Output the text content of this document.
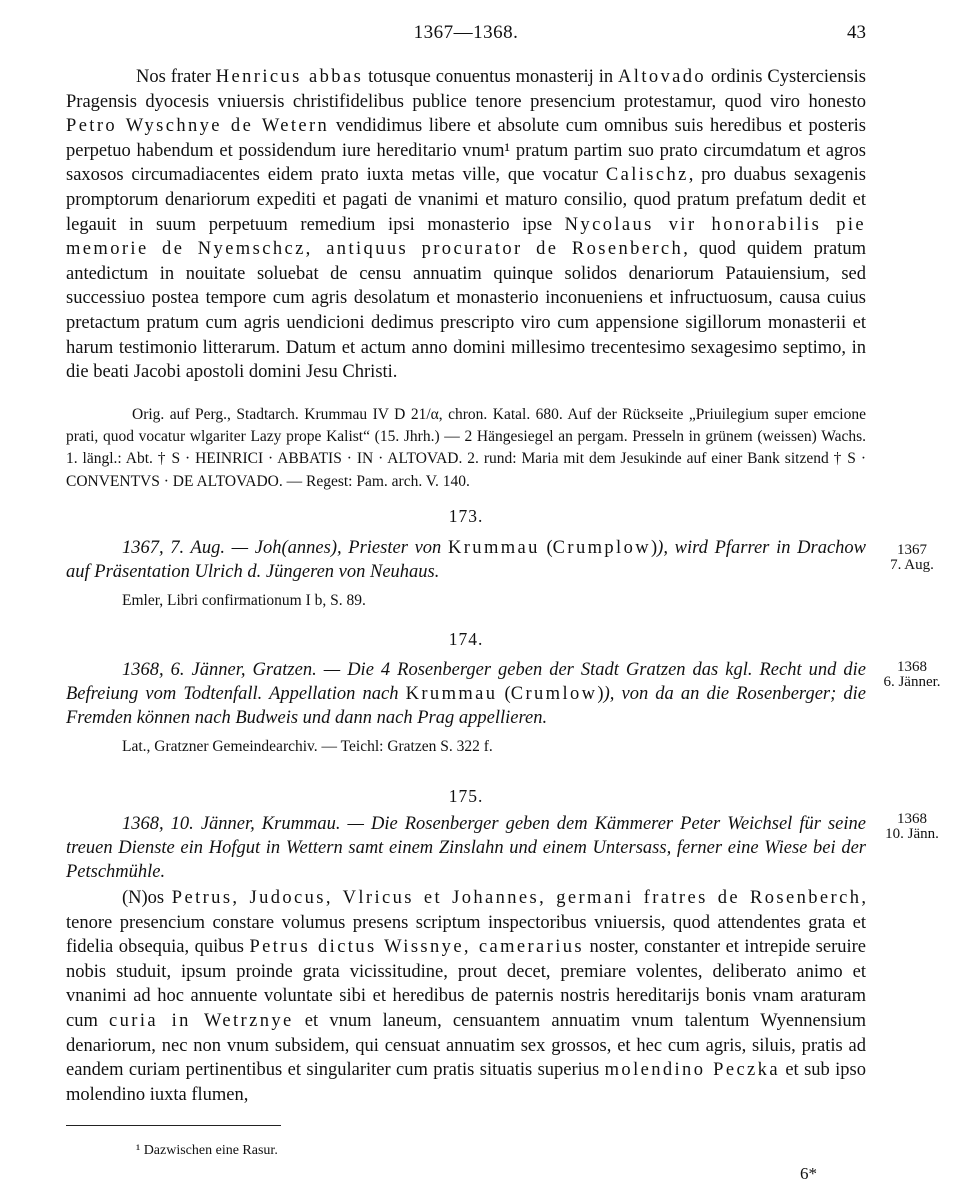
1367—1368.	43
Nos frater Henricus abbas totusque conuentus monasterij in Altovado ordinis Cysterciensis Pragensis dyocesis vniuersis christifidelibus publice tenore presencium protestamur, quod viro honesto Petro Wyschnye de Wetern vendidimus libere et absolute cum omnibus suis heredibus et posteris perpetuo habendum et possidendum iure hereditario vnum¹ pratum partim suo prato circumdatum et agros saxosos circumadiacentes eidem prato iuxta metas ville, que vocatur Calischz, pro duabus sexagenis promptorum denariorum expediti et pagati de vnanimi et maturo consilio, quod pratum prefatum dedit et legauit in suum perpetuum remedium ipsi monasterio ipse Nycolaus vir honorabilis pie memorie de Nyemschcz, antiquus procurator de Rosenberch, quod quidem pratum antedictum in nouitate soluebat de censu annuatim quinque solidos denariorum Patauiensium, sed successiuo postea tempore cum agris desolatum et monasterio inconueniens et infructuosum, causa cuius pretactum pratum cum agris uendicioni dedimus prescripto viro cum appensione sigillorum monasterii et harum testimonio litterarum. Datum et actum anno domini millesimo trecentesimo sexagesimo septimo, in die beati Jacobi apostoli domini Jesu Christi.
Orig. auf Perg., Stadtarch. Krummau IV D 21/α, chron. Katal. 680. Auf der Rückseite „Priuilegium super emcione prati, quod vocatur wlgariter Lazy prope Kalist“ (15. Jhrh.) — 2 Hängesiegel an pergam. Presseln in grünem (weissen) Wachs. 1. längl.: Abt. † S · HEINRICI · ABBATIS · IN · ALTOVAD. 2. rund: Maria mit dem Jesukinde auf einer Bank sitzend † S · CONVENTVS · DE ALTOVADO. — Regest: Pam. arch. V. 140.
173.
1367, 7. Aug. — Joh(annes), Priester von Krummau (Crumplow)), wird Pfarrer in Drachow auf Präsentation Ulrich d. Jüngeren von Neuhaus.
Emler, Libri confirmationum I b, S. 89.
1367
7. Aug.
174.
1368, 6. Jänner, Gratzen. — Die 4 Rosenberger geben der Stadt Gratzen das kgl. Recht und die Befreiung vom Todtenfall. Appellation nach Krummau (Crumlow)), von da an die Rosenberger; die Fremden können nach Budweis und dann nach Prag appellieren.
Lat., Gratzner Gemeindearchiv. — Teichl: Gratzen S. 322 f.
1368
6. Jänner.
175.
1368, 10. Jänner, Krummau. — Die Rosenberger geben dem Kämmerer Peter Weichsel für seine treuen Dienste ein Hofgut in Wettern samt einem Zinslahn und einem Untersass, ferner eine Wiese bei der Petschmühle.
1368
10. Jänn.
(N)os Petrus, Judocus, Vlricus et Johannes, germani fratres de Rosenberch, tenore presencium constare volumus presens scriptum inspectoribus vniuersis, quod attendentes grata et fidelia obsequia, quibus Petrus dictus Wissnye, camerarius noster, constanter et intrepide seruire nobis studuit, ipsum proinde grata vicissitudine, prout decet, premiare volentes, deliberato animo et vnanimi ad hoc annuente voluntate sibi et heredibus de paternis nostris hereditarijs bonis vnam araturam cum curia in Wetrznye et vnum laneum, censuantem annuatim vnum talentum Wyennensium denariorum, nec non vnum subsidem, qui censuat annuatim sex grossos, et hec cum agris, siluis, pratis ad eandem curiam pertinentibus et singulariter cum pratis situatis superius molendino Peczka et sub ipso molendino iuxta flumen,
¹ Dazwischen eine Rasur.
6*
